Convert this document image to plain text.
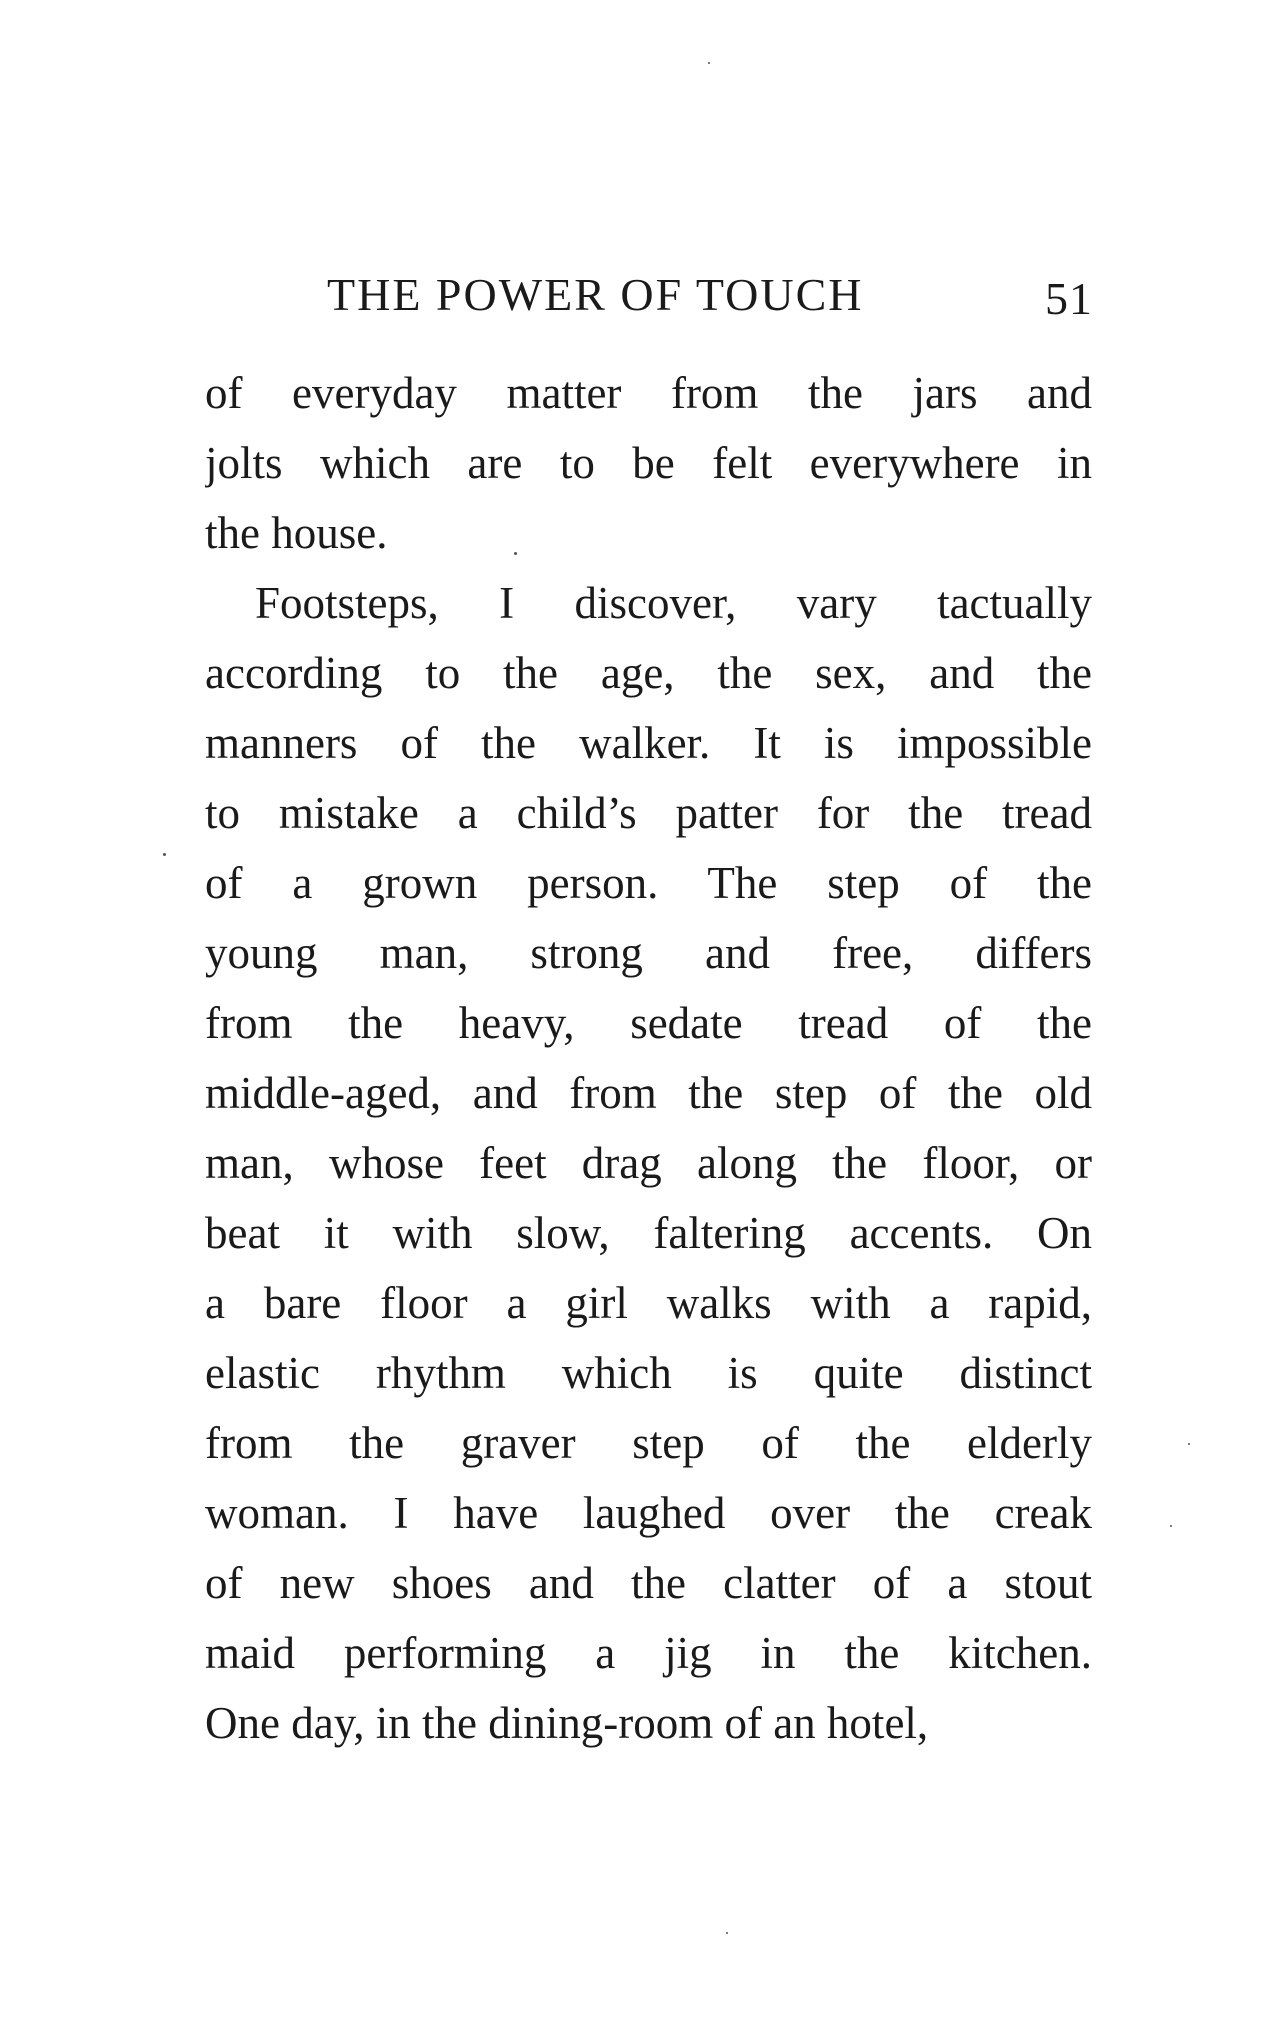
THE POWER OF TOUCH	51
of everyday matter from the jars and
jolts which are to be felt everywhere in
the house.
Footsteps, I discover, vary tactually
according to the age, the sex, and the
manners of the walker. It is impossible
to mistake a child’s patter for the tread
of a grown person. The step of the
young man, strong and free, differs
from the heavy, sedate tread of the
middle-aged, and from the step of the old
man, whose feet drag along the floor, or
beat it with slow, faltering accents. On
a bare floor a girl walks with a rapid,
elastic rhythm which is quite distinct
from the graver step of the elderly
woman. I have laughed over the creak
of new shoes and the clatter of a stout
maid performing a jig in the kitchen.
One day, in the dining-room of an hotel,
